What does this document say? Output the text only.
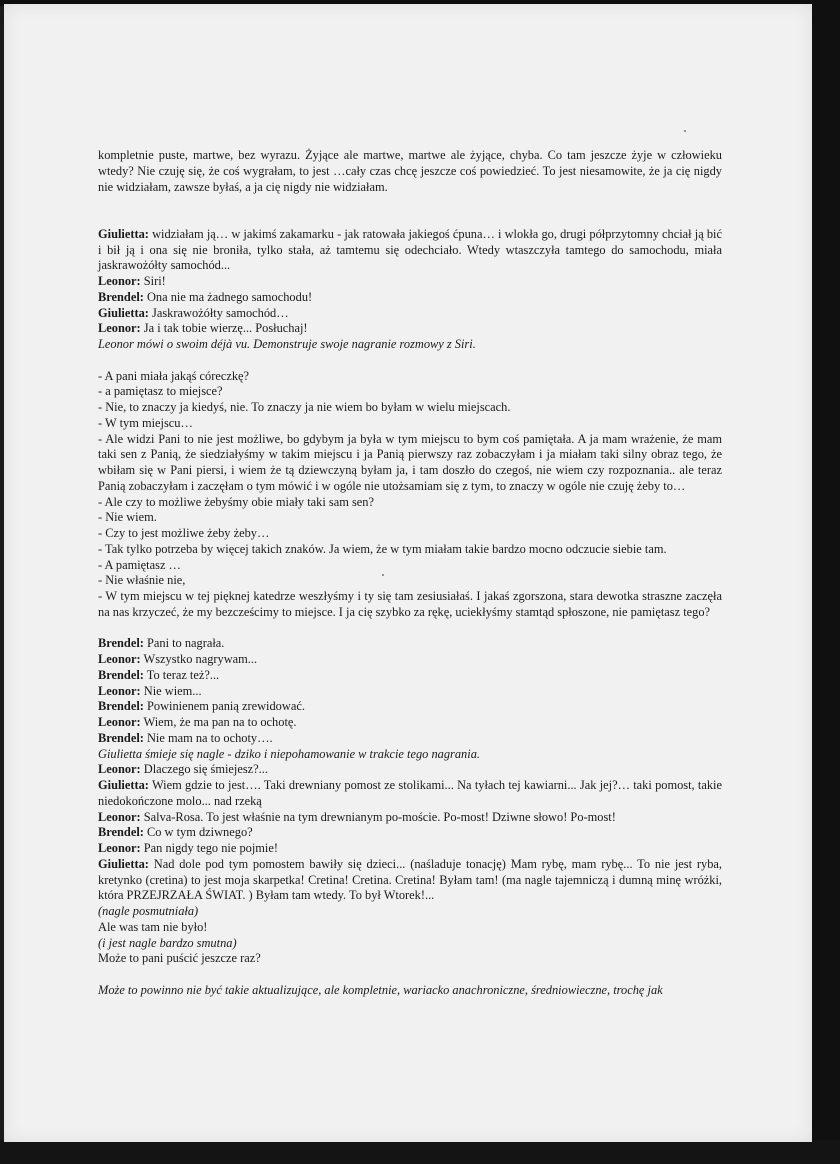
kompletnie puste, martwe, bez wyrazu. Żyjące ale martwe, martwe ale żyjące, chyba. Co tam jeszcze żyje w człowieku wtedy? Nie czuję się, że coś wygrałam, to jest …cały czas chcę jeszcze coś powiedzieć. To jest niesamowite, że ja cię nigdy nie widziałam, zawsze byłaś, a ja cię nigdy nie widziałam.

Giulietta: widziałam ją… w jakimś zakamarku - jak ratowała jakiegoś ćpuna… i wlokła go, drugi półprzytomny chciał ją bić i bił ją i ona się nie broniła, tylko stała, aż tamtemu się odechciało. Wtedy wtaszczyła tamtego do samochodu, miała jaskrawożółty samochód...

Leonor: Siri!

Brendel: Ona nie ma żadnego samochodu!

Giulietta: Jaskrawożółty samochód…

Leonor: Ja i tak tobie wierzę... Posłuchaj!

Leonor mówi o swoim déjà vu. Demonstruje swoje nagranie rozmowy z Siri.

- A pani miała jakąś córeczkę?

- a pamiętasz to miejsce?

- Nie, to znaczy ja kiedyś, nie. To znaczy ja nie wiem bo byłam w wielu miejscach.

- W tym miejscu…

- Ale widzi Pani to nie jest możliwe, bo gdybym ja była w tym miejscu to bym coś pamiętała. A ja mam wrażenie, że mam taki sen z Panią, że siedziałyśmy w takim miejscu i ja Panią pierwszy raz zobaczyłam i ja miałam taki silny obraz tego, że wbiłam się w Pani piersi, i wiem że tą dziewczyną byłam ja, i tam doszło do czegoś, nie wiem czy rozpoznania.. ale teraz Panią zobaczyłam i zaczęłam o tym mówić i w ogóle nie utożsamiam się z tym, to znaczy w ogóle nie czuję żeby to…

- Ale czy to możliwe żebyśmy obie miały taki sam sen?

- Nie wiem.

- Czy to jest możliwe żeby żeby…

- Tak tylko potrzeba by więcej takich znaków. Ja wiem, że w tym miałam takie bardzo mocno odczucie siebie tam.

- A pamiętasz …

- Nie właśnie nie,

- W tym miejscu w tej pięknej katedrze weszłyśmy i ty się tam zesiusiałaś. I jakaś zgorszona, stara dewotka straszne zaczęła na nas krzyczeć, że my bezcześcimy to miejsce. I ja cię szybko za rękę, uciekłyśmy stamtąd spłoszone, nie pamiętasz tego?

Brendel: Pani to nagrała.

Leonor: Wszystko nagrywam...

Brendel: To teraz też?...

Leonor: Nie wiem...

Brendel: Powinienem panią zrewidować.

Leonor: Wiem, że ma pan na to ochotę.

Brendel: Nie mam na to ochoty….

Giulietta śmieje się nagle - dziko i niepohamowanie w trakcie tego nagrania.

Leonor: Dlaczego się śmiejesz?...

Giulietta: Wiem gdzie to jest…. Taki drewniany pomost ze stolikami... Na tyłach tej kawiarni... Jak jej?… taki pomost, takie niedokończone molo... nad rzeką

Leonor: Salva-Rosa. To jest właśnie na tym drewnianym po-moście. Po-most! Dziwne słowo! Po-most!

Brendel: Co w tym dziwnego?

Leonor: Pan nigdy tego nie pojmie!

Giulietta: Nad dole pod tym pomostem bawiły się dzieci... (naśladuje tonację) Mam rybę, mam rybę... To nie jest ryba, kretynko (cretina) to jest moja skarpetka! Cretina! Cretina. Cretina! Byłam tam! (ma nagle tajemniczą i dumną minę wróżki, która PRZEJRZAŁA ŚWIAT. ) Byłam tam wtedy. To był Wtorek!...

(nagle posmutniała)

Ale was tam nie było!

(i jest nagle bardzo smutna)

Może to pani puścić jeszcze raz?

Może to powinno nie być takie aktualizujące, ale kompletnie, wariacko anachroniczne, średniowieczne, trochę jak
